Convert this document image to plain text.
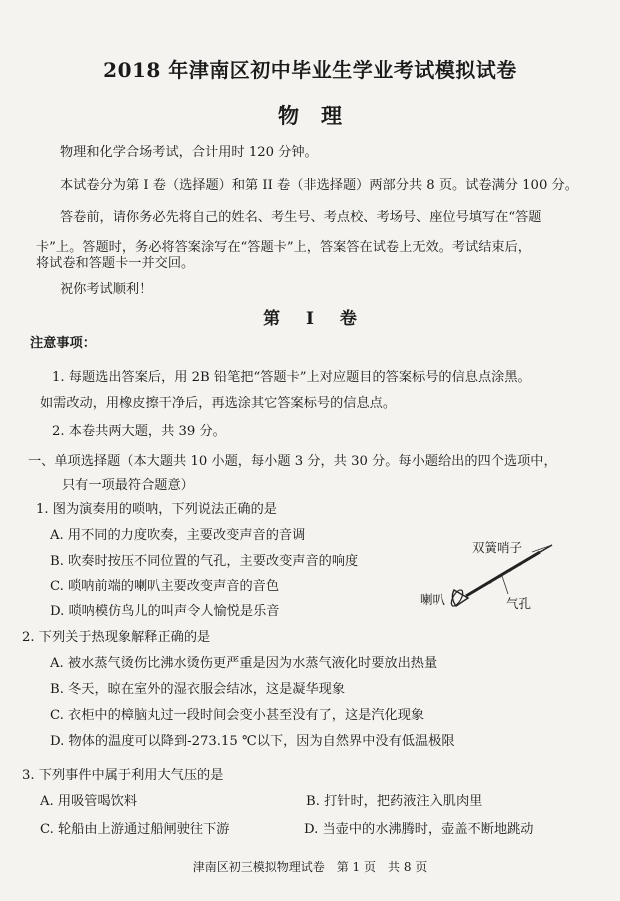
2018 年津南区初中毕业生学业考试模拟试卷
物理
物理和化学合场考试，合计用时 120 分钟。
本试卷分为第 I 卷（选择题）和第 II 卷（非选择题）两部分共 8 页。试卷满分 100 分。
答卷前，请你务必先将自己的姓名、考生号、考点校、考场号、座位号填写在“答题
卡”上。答题时，务必将答案涂写在“答题卡”上，答案答在试卷上无效。考试结束后，
将试卷和答题卡一并交回。
祝你考试顺利！
第 I 卷
注意事项：
1. 每题选出答案后，用 2B 铅笔把“答题卡”上对应题目的答案标号的信息点涂黑。
如需改动，用橡皮擦干净后，再选涂其它答案标号的信息点。
2. 本卷共两大题，共 39 分。
一、单项选择题（本大题共 10 小题，每小题 3 分，共 30 分。每小题给出的四个选项中，
只有一项最符合题意）
1. 图为演奏用的唢呐，下列说法正确的是
A. 用不同的力度吹奏，主要改变声音的音调
B. 吹奏时按压不同位置的气孔，主要改变声音的响度
C. 唢呐前端的喇叭主要改变声音的音色
D. 唢呐模仿鸟儿的叫声令人愉悦是乐音
双簧哨子
喇叭	气孔
2. 下列关于热现象解释正确的是
A. 被水蒸气烫伤比沸水烫伤更严重是因为水蒸气液化时要放出热量
B. 冬天，晾在室外的湿衣服会结冰，这是凝华现象
C. 衣柜中的樟脑丸过一段时间会变小甚至没有了，这是汽化现象
D. 物体的温度可以降到-273.15 ℃以下，因为自然界中没有低温极限
3. 下列事件中属于利用大气压的是
A. 用吸管喝饮料	B. 打针时，把药液注入肌肉里
C. 轮船由上游通过船闸驶往下游	D. 当壶中的水沸腾时，壶盖不断地跳动
津南区初三模拟物理试卷　第 1 页　共 8 页
